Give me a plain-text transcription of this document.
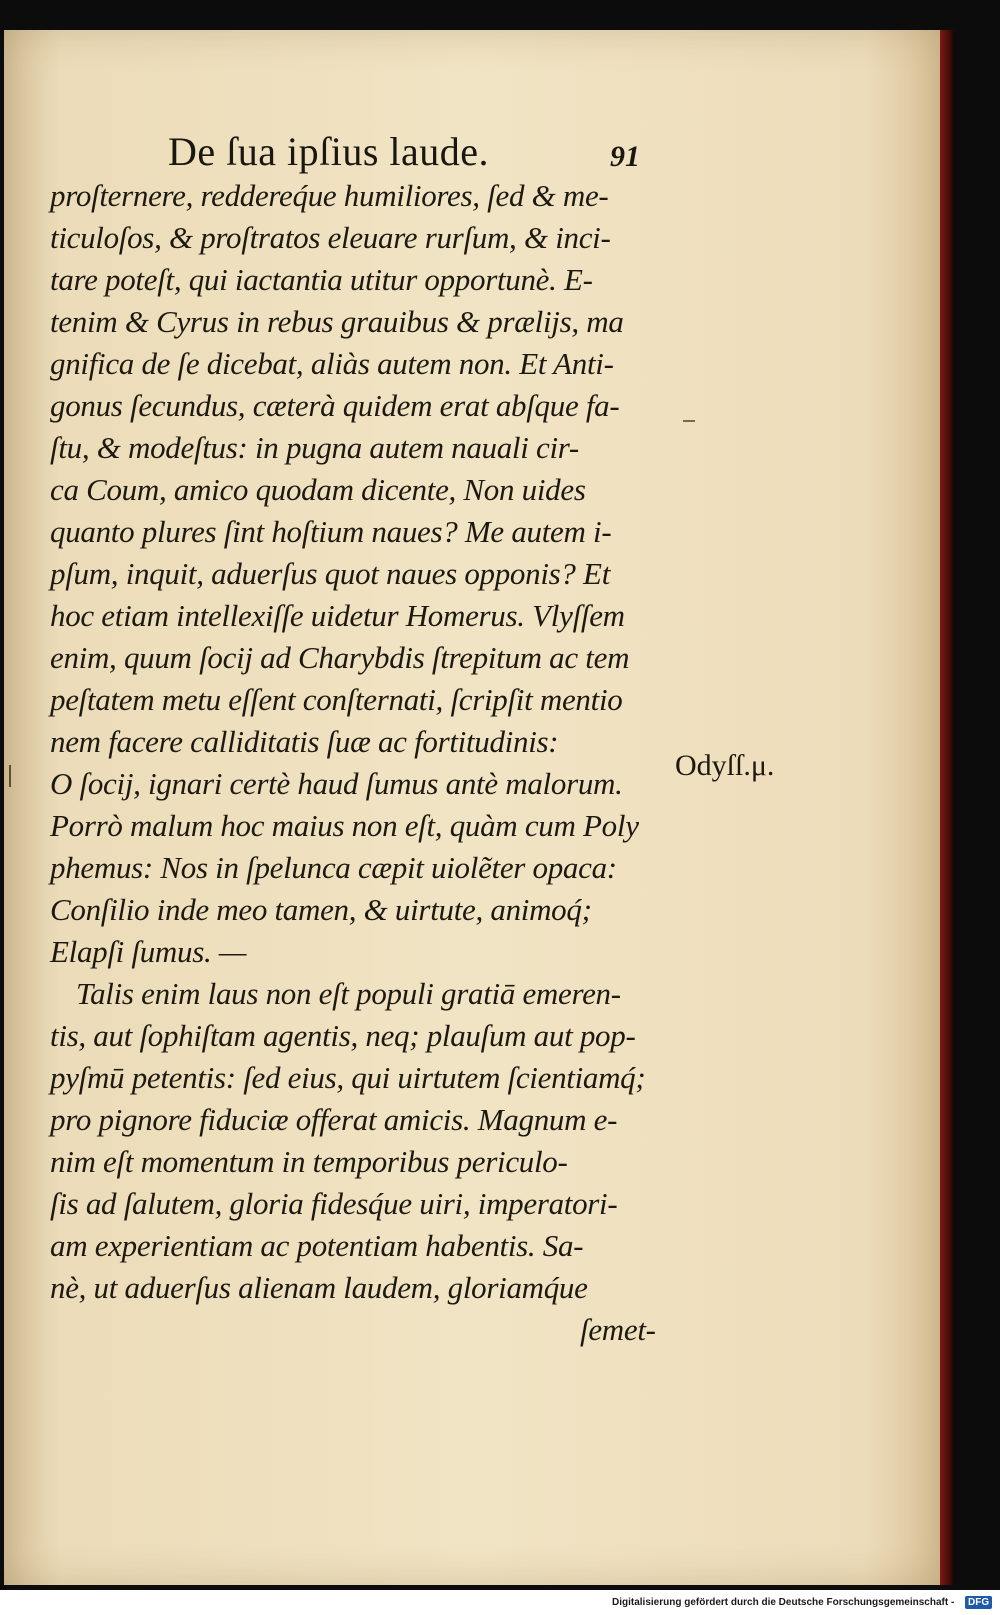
De ſua ipſius laude.	91
proſternere, reddereq́ue humiliores, ſed & me-
ticuloſos, & proſtratos eleuare rurſum, & inci-
tare poteſt, qui iactantia utitur opportunè. E-
tenim & Cyrus in rebus grauibus & prælijs, ma
gnifica de ſe dicebat, aliàs autem non. Et Anti-
gonus ſecundus, cæterà quidem erat abſque fa-
ſtu, & modeſtus: in pugna autem nauali cir-
ca Coum, amico quodam dicente, Non uides
quanto plures ſint hoſtium naues? Me autem i-
pſum, inquit, aduerſus quot naues opponis? Et
hoc etiam intellexiſſe uidetur Homerus. Vlyſſem
enim, quum ſocij ad Charybdis ſtrepitum ac tem
peſtatem metu eſſent conſternati, ſcripſit mentio
nem facere calliditatis ſuæ ac fortitudinis:
O ſocij, ignari certè haud ſumus antè malorum.
Porrò malum hoc maius non eſt, quàm cum Poly
phemus: Nos in ſpelunca cæpit uiolẽter opaca:
Conſilio inde meo tamen, & uirtute, animoq́;
Elapſi ſumus. —
Talis enim laus non eſt populi gratiā emeren-
tis, aut ſophiſtam agentis, neq; plauſum aut pop-
pyſmū petentis: ſed eius, qui uirtutem ſcientiamq́;
pro pignore fiduciæ offerat amicis. Magnum e-
nim eſt momentum in temporibus periculo-
ſis ad ſalutem, gloria fidesq́ue uiri, imperatori-
am experientiam ac potentiam habentis. Sa-
nè, ut aduerſus alienam laudem, gloriamq́ue
ſemet-
Odyſſ.μ.
Digitalisierung gefördert durch die Deutsche Forschungsgemeinschaft -	DFG
